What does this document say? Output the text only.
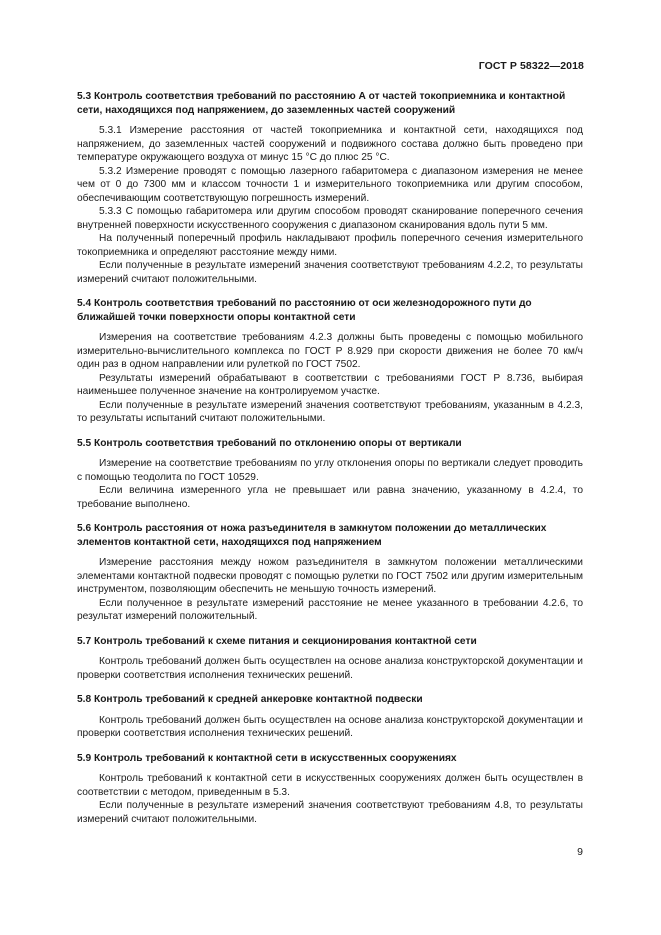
ГОСТ Р 58322—2018
5.3 Контроль соответствия требований по расстоянию А от частей токоприемника и контактной сети, находящихся под напряжением, до заземленных частей сооружений

5.3.1 Измерение расстояния от частей токоприемника и контактной сети, находящихся под напряжением, до заземленных частей сооружений и подвижного состава должно быть проведено при температуре окружающего воздуха от минус 15 °С до плюс 25 °С.

5.3.2 Измерение проводят с помощью лазерного габаритомера с диапазоном измерения не менее чем от 0 до 7300 мм и классом точности 1 и измерительного токоприемника или другим способом, обеспечивающим соответствующую погрешность измерений.

5.3.3 С помощью габаритомера или другим способом проводят сканирование поперечного сечения внутренней поверхности искусственного сооружения с диапазоном сканирования вдоль пути 5 мм.

На полученный поперечный профиль накладывают профиль поперечного сечения измерительного токоприемника и определяют расстояние между ними.

Если полученные в результате измерений значения соответствуют требованиям 4.2.2, то результаты измерений считают положительными.

5.4 Контроль соответствия требований по расстоянию от оси железнодорожного пути до ближайшей точки поверхности опоры контактной сети

Измерения на соответствие требованиям 4.2.3 должны быть проведены с помощью мобильного измерительно-вычислительного комплекса по ГОСТ Р 8.929 при скорости движения не более 70 км/ч один раз в одном направлении или рулеткой по ГОСТ 7502.

Результаты измерений обрабатывают в соответствии с требованиями ГОСТ Р 8.736, выбирая наименьшее полученное значение на контролируемом участке.

Если полученные в результате измерений значения соответствуют требованиям, указанным в 4.2.3, то результаты испытаний считают положительными.

5.5 Контроль соответствия требований по отклонению опоры от вертикали

Измерение на соответствие требованиям по углу отклонения опоры по вертикали следует проводить с помощью теодолита по ГОСТ 10529.

Если величина измеренного угла не превышает или равна значению, указанному в 4.2.4, то требование выполнено.

5.6 Контроль расстояния от ножа разъединителя в замкнутом положении до металлических элементов контактной сети, находящихся под напряжением

Измерение расстояния между ножом разъединителя в замкнутом положении металлическими элементами контактной подвески проводят с помощью рулетки по ГОСТ 7502 или другим измерительным инструментом, позволяющим обеспечить не меньшую точность измерений.

Если полученное в результате измерений расстояние не менее указанного в требовании 4.2.6, то результат измерений положительный.

5.7 Контроль требований к схеме питания и секционирования контактной сети

Контроль требований должен быть осуществлен на основе анализа конструкторской документации и проверки соответствия исполнения технических решений.

5.8 Контроль требований к средней анкеровке контактной подвески

Контроль требований должен быть осуществлен на основе анализа конструкторской документации и проверки соответствия исполнения технических решений.

5.9 Контроль требований к контактной сети в искусственных сооружениях

Контроль требований к контактной сети в искусственных сооружениях должен быть осуществлен в соответствии с методом, приведенным в 5.3.

Если полученные в результате измерений значения соответствуют требованиям 4.8, то результаты измерений считают положительными.

9
